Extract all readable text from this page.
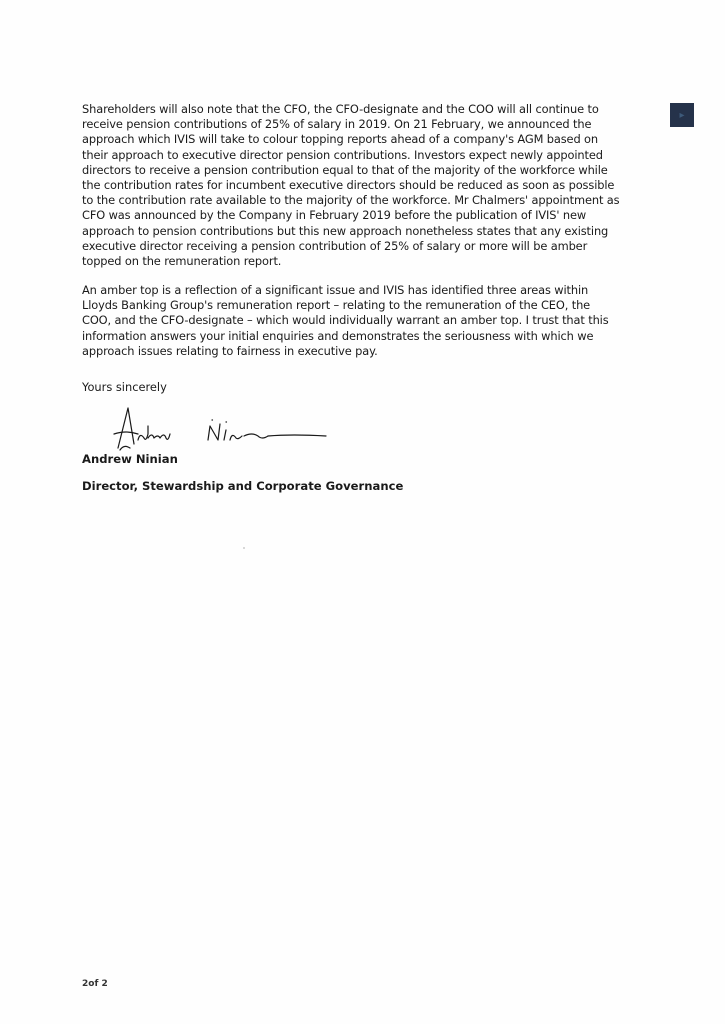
▸

Shareholders will also note that the CFO, the CFO-designate and the COO will all continue to receive pension contributions of 25% of salary in 2019. On 21 February, we announced the approach which IVIS will take to colour topping reports ahead of a company's AGM based on their approach to executive director pension contributions. Investors expect newly appointed directors to receive a pension contribution equal to that of the majority of the workforce while the contribution rates for incumbent executive directors should be reduced as soon as possible to the contribution rate available to the majority of the workforce. Mr Chalmers' appointment as CFO was announced by the Company in February 2019 before the publication of IVIS' new approach to pension contributions but this new approach nonetheless states that any existing executive director receiving a pension contribution of 25% of salary or more will be amber topped on the remuneration report.

An amber top is a reflection of a significant issue and IVIS has identified three areas within Lloyds Banking Group's remuneration report – relating to the remuneration of the CEO, the COO, and the CFO-designate – which would individually warrant an amber top. I trust that this information answers your initial enquiries and demonstrates the seriousness with which we approach issues relating to fairness in executive pay.

Yours sincerely
Andrew Ninian
Director, Stewardship and Corporate Governance
2of 2
